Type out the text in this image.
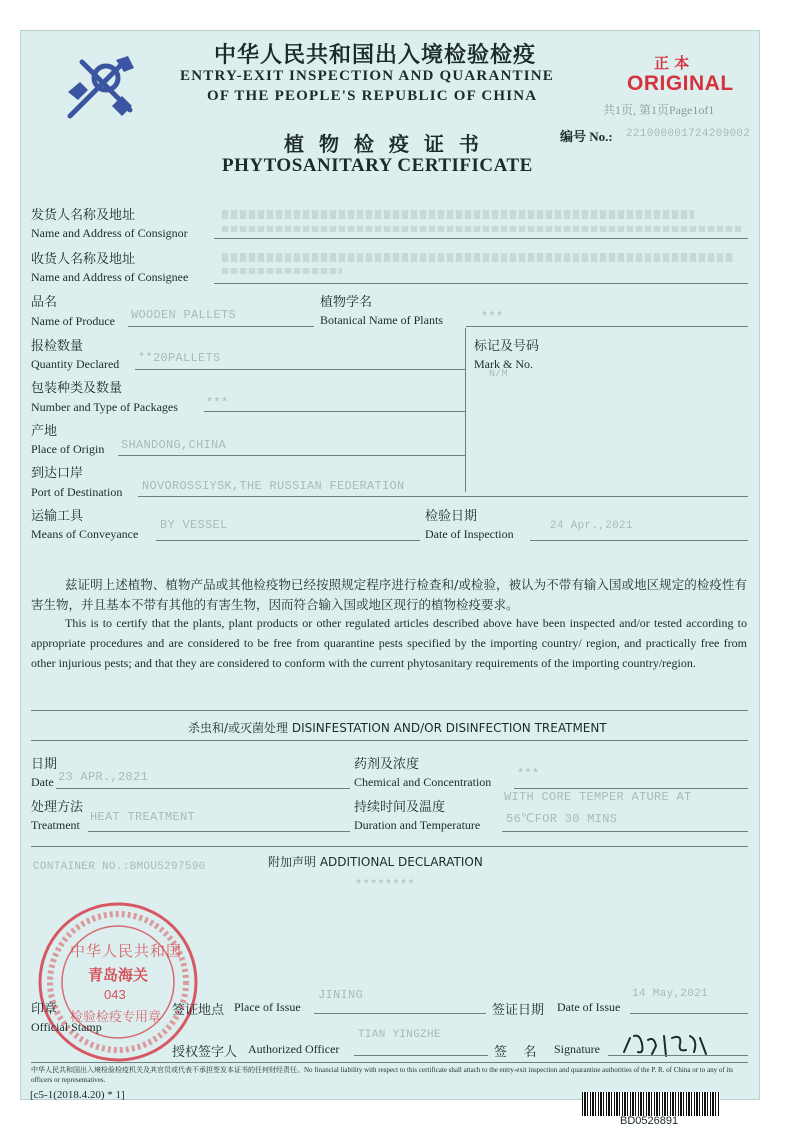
中华人民共和国出入境检验检疫
ENTRY-EXIT INSPECTION AND QUARANTINE
OF THE PEOPLE'S REPUBLIC OF CHINA
正 本
ORIGINAL
共1页, 第1页Page1of1
编号 No.: 221000001724209002
植 物 检 疫 证 书
PHYTOSANITARY CERTIFICATE
发货人名称及地址
Name and Address of Consignor
收货人名称及地址
Name and Address of Consignee
品名
Name of Produce WOODEN PALLETS
植物学名
Botanical Name of Plants	***
报检数量
Quantity Declared **20PALLETS
标记及号码
Mark & No.
N/M
包装种类及数量
Number and Type of Packages ***
产地
Place of Origin SHANDONG,CHINA
到达口岸
Port of Destination NOVOROSSIYSK,THE RUSSIAN FEDERATION
运输工具
Means of Conveyance
BY VESSEL
检验日期
Date of Inspection
24 Apr.,2021
兹证明上述植物、植物产品或其他检疫物已经按照规定程序进行检查和/或检验，被认为不带有输入国或地区规定的检疫性有害生物，并且基本不带有其他的有害生物，因而符合输入国或地区现行的植物检疫要求。
This is to certify that the plants, plant products or other regulated articles described above have been inspected and/or tested according to appropriate procedures and are considered to be free from quarantine pests specified by the importing country/ region, and practically free from other injurious pests; and that they are considered to conform with the current phytosanitary requirements of the importing country/region.
杀虫和/或灭菌处理 DISINFESTATION AND/OR DISINFECTION TREATMENT
日期
Date 23 APR.,2021
药剂及浓度
Chemical and Concentration
***
处理方法
Treatment
HEAT TREATMENT
持续时间及温度
Duration and Temperature
WITH CORE TEMPER ATURE AT
56℃FOR 30 MINS
附加声明 ADDITIONAL DECLARATION
CONTAINER NO.:BMOU5297590
********
中华人民共和国
青岛海关
043
检验检疫专用章
印章
Official Stamp
签证地点 Place of Issue
JINING
签证日期 Date of Issue
14 May,2021
授权签字人 Authorized Officer
TIAN YINGZHE
签    名 Signature
中华人民共和国出入境检验检疫机关及其官员或代表不承担签发本证书的任何财经责任。No financial liability with respect to this certificate shall attach to the entry-exit inspection and quarantine authorities of the P. R. of China or to any of its officers or representatives.
[c5-1(2018.4.20) * 1]
BD0526891
